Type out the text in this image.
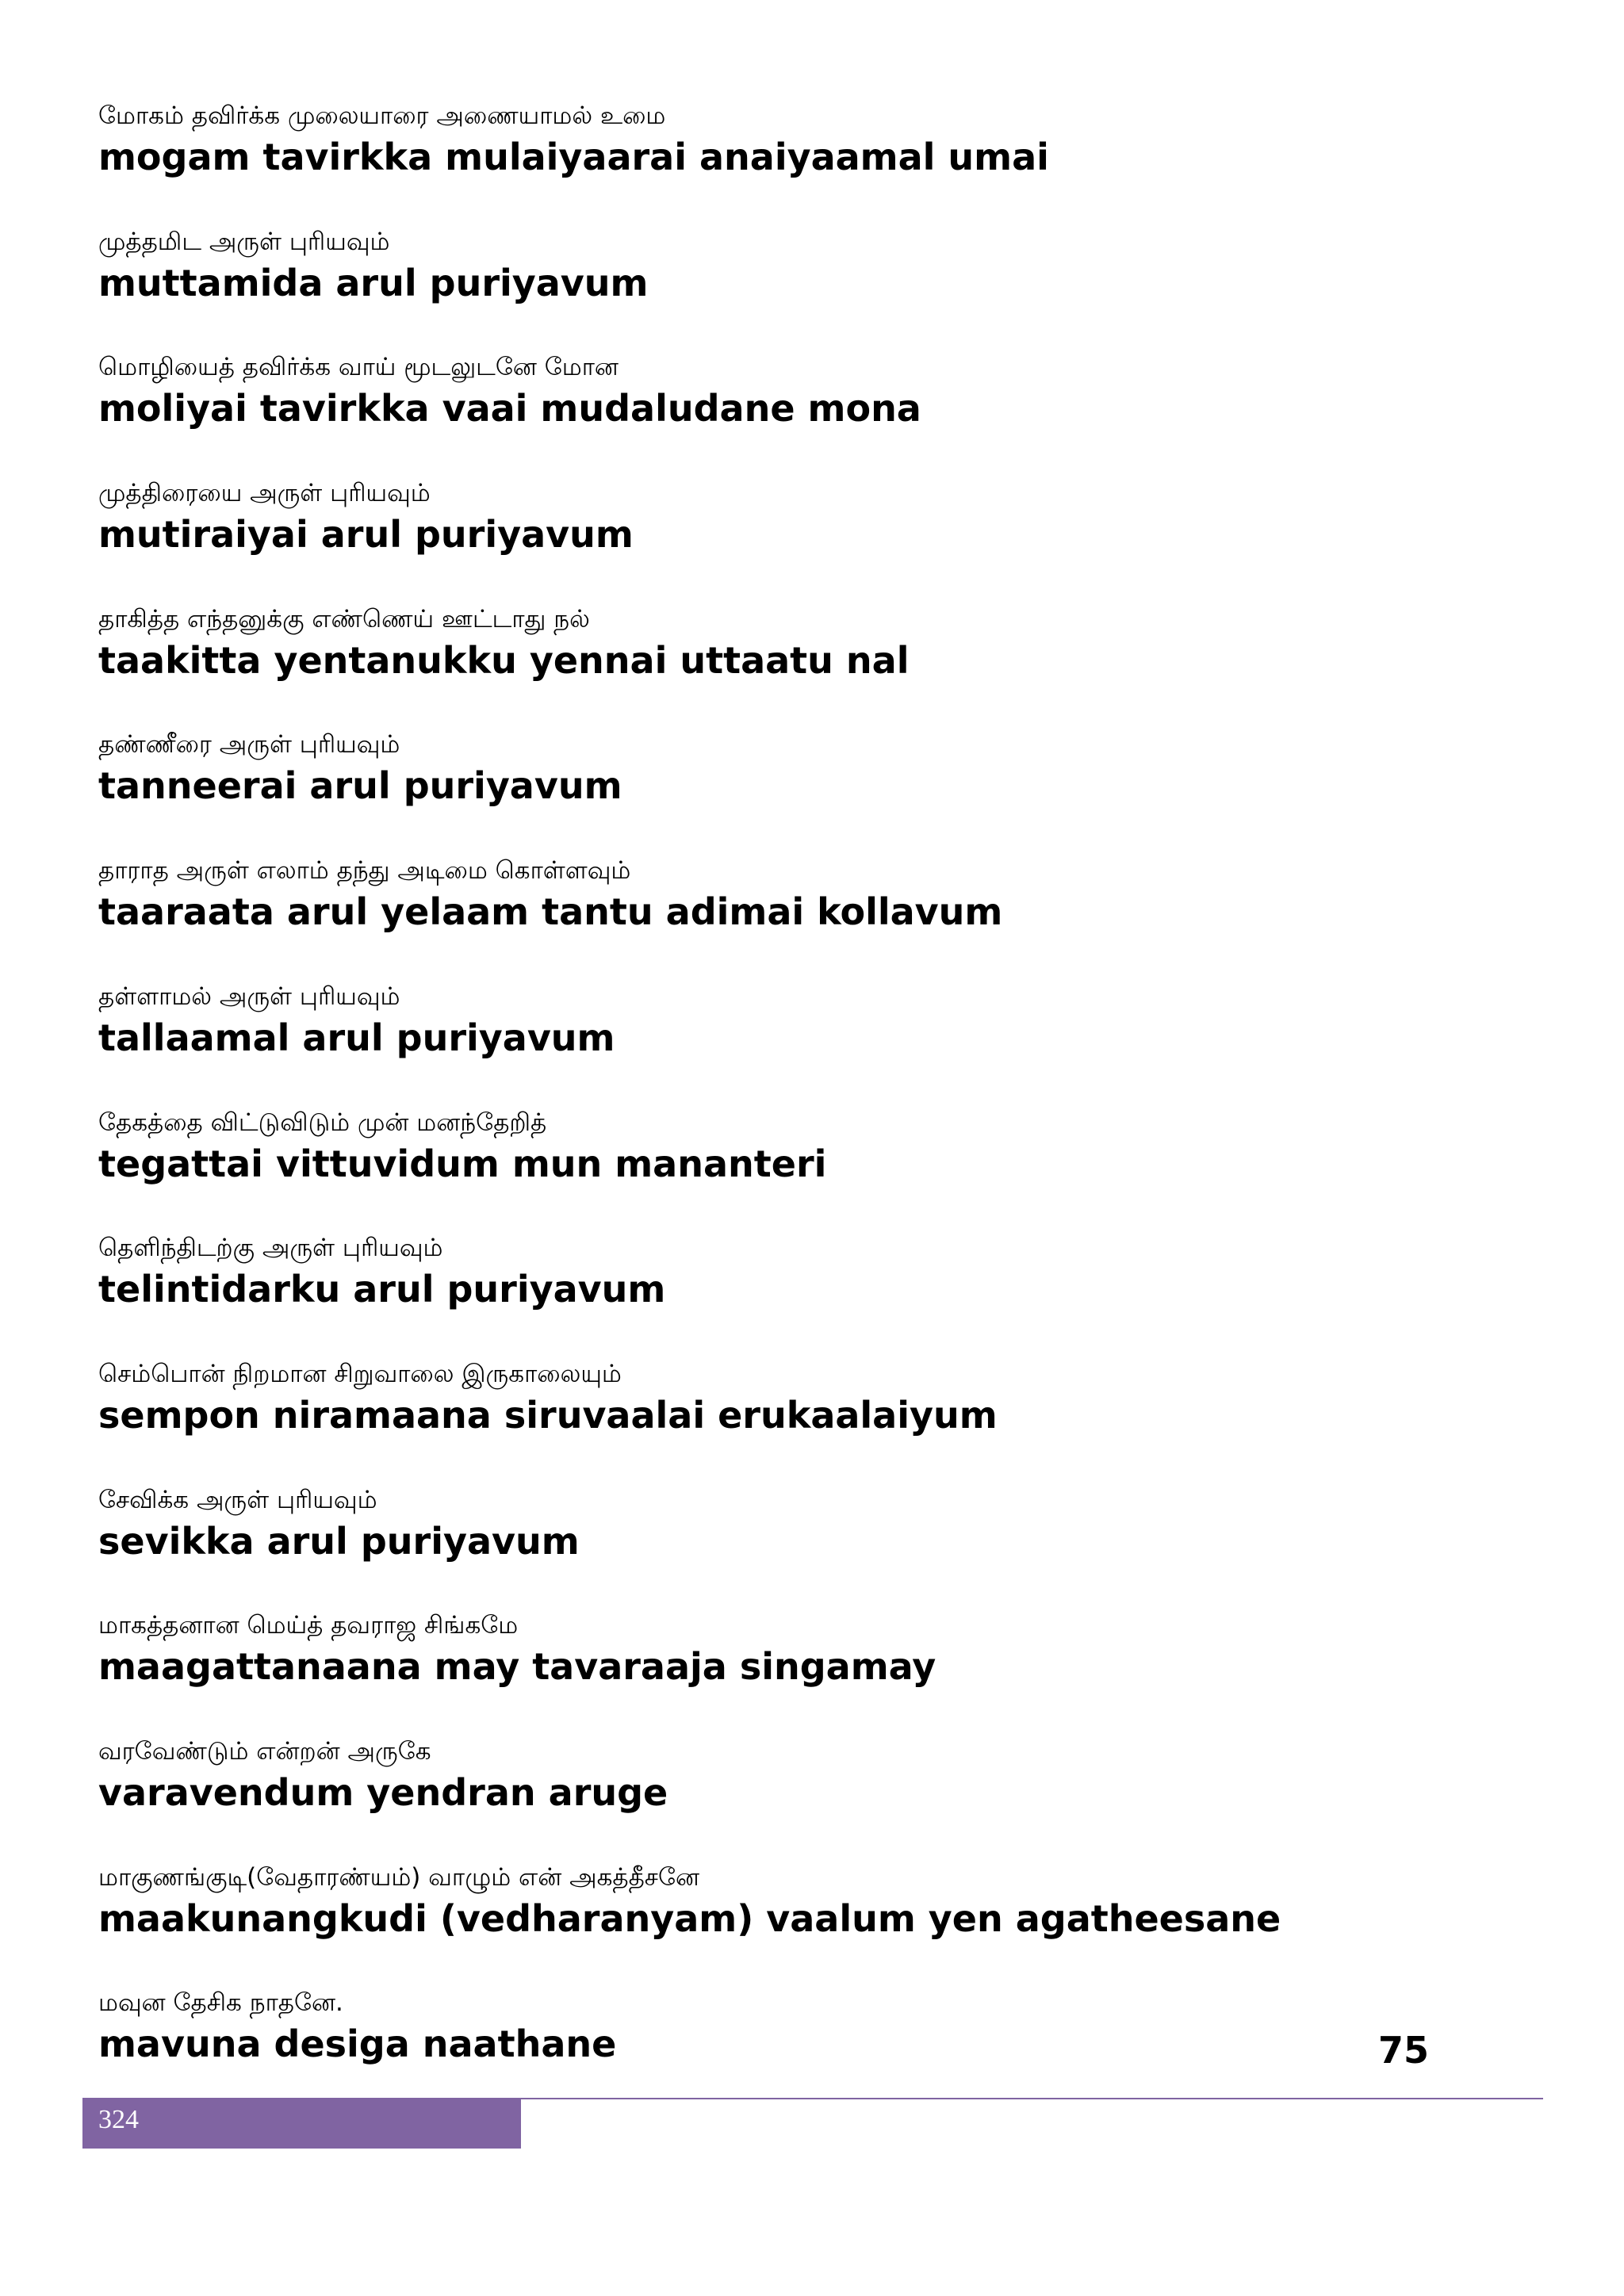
மோகம் தவிர்க்க முலையாரை அணையாமல் உமை
mogam tavirkka mulaiyaarai anaiyaamal umai
முத்தமிட அருள் புரியவும்
muttamida arul puriyavum
மொழியைத் தவிர்க்க வாய் மூடலுடனே மோன
moliyai tavirkka vaai mudaludane mona
முத்திரையை அருள் புரியவும்
mutiraiyai arul puriyavum
தாகித்த எந்தனுக்கு எண்ணெய் ஊட்டாது நல்
taakitta yentanukku yennai uttaatu nal
தண்ணீரை அருள் புரியவும்
tanneerai arul puriyavum
தாராத அருள் எலாம் தந்து அடிமை கொள்ளவும்
taaraata arul yelaam tantu adimai kollavum
தள்ளாமல் அருள் புரியவும்
tallaamal arul puriyavum
தேகத்தை விட்டுவிடும் முன் மனந்தேறித்
tegattai vittuvidum mun mananteri
தெளிந்திடற்கு அருள் புரியவும்
telintidarku arul puriyavum
செம்பொன் நிறமான சிறுவாலை இருகாலையும்
sempon niramaana siruvaalai erukaalaiyum
சேவிக்க அருள் புரியவும்
sevikka arul puriyavum
மாகத்தனான மெய்த் தவராஜ சிங்கமே
maagattanaana may tavaraaja singamay
வரவேண்டும் என்றன் அருகே
varavendum yendran aruge
மாகுணங்குடி(வேதாரண்யம்) வாழும் என் அகத்தீசனே
maakunangkudi (vedharanyam) vaalum yen agatheesane
மவுன தேசிக நாதனே.
mavuna desiga naathane	75
324
